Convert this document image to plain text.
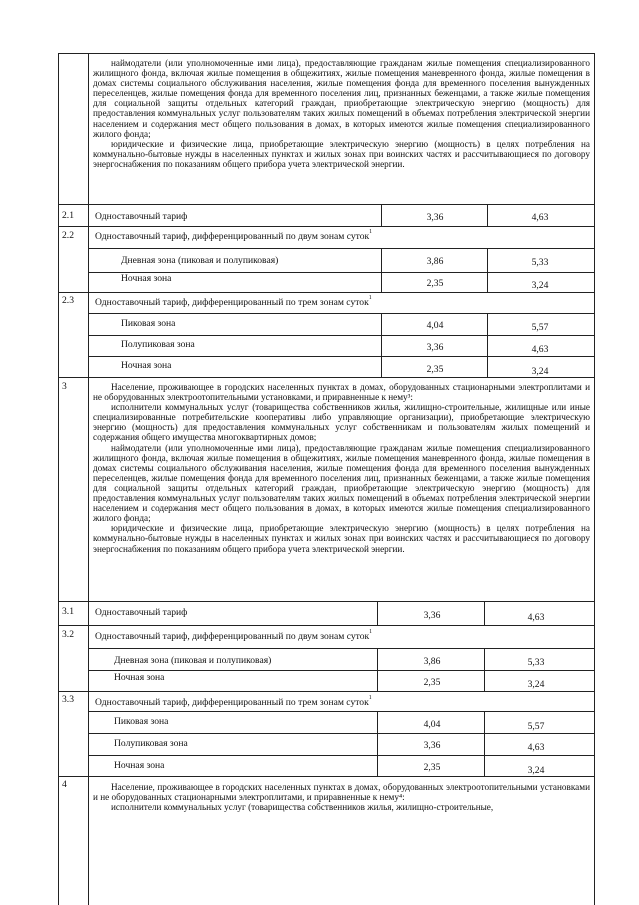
наймодатели (или уполномоченные ими лица), предоставляющие гражданам жилые помещения специализированного жилищного фонда, включая жилые помещения в общежитиях, жилые помещения маневренного фонда, жилые помещения в домах системы социального обслуживания населения, жилые помещения фонда для временного поселения вынужденных переселенцев, жилые помещения фонда для временного поселения лиц, признанных беженцами, а также жилые помещения для социальной защиты отдельных категорий граждан, приобретающие электрическую энергию (мощность) для предоставления коммунальных услуг пользователям таких жилых помещений в объемах потребления электрической энергии населением и содержания мест общего пользования в домах, в которых имеются жилые помещения специализированного жилого фонда;

юридические и физические лица, приобретающие электрическую энергию (мощность) в целях потребления на коммунально-бытовые нужды в населенных пунктах и жилых зонах при воинских частях и рассчитывающиеся по договору энергоснабжения по показаниям общего прибора учета электрической энергии.

2.1 Одноставочный тариф	3,36	4,63
2.2 Одноставочный тариф, дифференцированный по двум зонам суток$^1$
Дневная зона (пиковая и полупиковая)	3,86	5,33
Ночная зона	2,35	3,24
2.3 Одноставочный тариф, дифференцированный по трем зонам суток$^1$
Пиковая зона	4,04	5,57
Полупиковая зона	3,36	4,63
Ночная зона	2,35	3,24
3	Население, проживающее в городских населенных пунктах в домах, оборудованных стационарными электроплитами и не оборудованных электроотопительными установками, и приравненные к нему³:

исполнители коммунальных услуг (товарищества собственников жилья, жилищно-строительные, жилищные или иные специализированные потребительские кооперативы либо управляющие организации), приобретающие электрическую энергию (мощность) для предоставления коммунальных услуг собственникам и пользователям жилых помещений и содержания общего имущества многоквартирных домов;

наймодатели (или уполномоченные ими лица), предоставляющие гражданам жилые помещения специализированного жилищного фонда, включая жилые помещения в общежитиях, жилые помещения маневренного фонда, жилые помещения в домах системы социального обслуживания населения, жилые помещения фонда для временного поселения вынужденных переселенцев, жилые помещения фонда для временного поселения лиц, признанных беженцами, а также жилые помещения для социальной защиты отдельных категорий граждан, приобретающие электрическую энергию (мощность) для предоставления коммунальных услуг пользователям таких жилых помещений в объемах потребления электрической энергии населением и содержания мест общего пользования в домах, в которых имеются жилые помещения специализированного жилого фонда;

юридические и физические лица, приобретающие электрическую энергию (мощность) в целях потребления на коммунально-бытовые нужды в населенных пунктах и жилых зонах при воинских частях и рассчитывающиеся по договору энергоснабжения по показаниям общего прибора учета электрической энергии.

3.1 Одноставочный тариф	3,36	4,63
3.2 Одноставочный тариф, дифференцированный по двум зонам суток$^1$
Дневная зона (пиковая и полупиковая)	3,86	5,33
Ночная зона	2,35	3,24
3.3 Одноставочный тариф, дифференцированный по трем зонам суток$^1$
Пиковая зона	4,04	5,57
Полупиковая зона	3,36	4,63
Ночная зона	2,35	3,24
4	Население, проживающее в городских населенных пунктах в домах, оборудованных электроотопительными установками и не оборудованных стационарными электроплитами, и приравненные к нему⁴:

исполнители коммунальных услуг (товарищества собственников жилья, жилищно-строительные,
